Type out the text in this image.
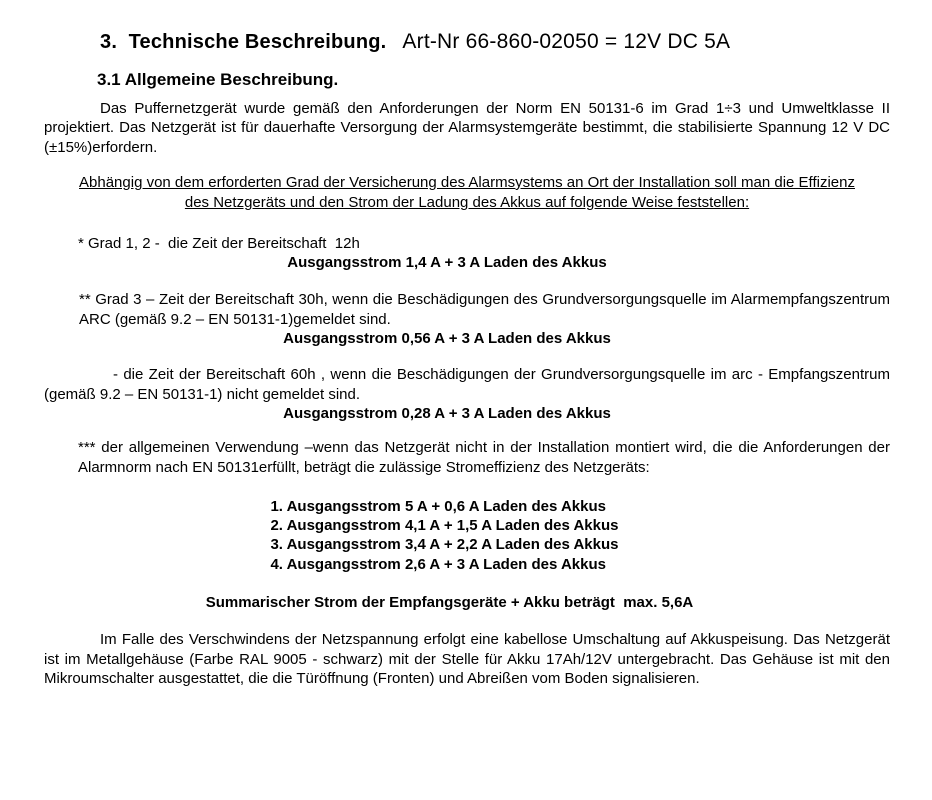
3.  Technische Beschreibung. Art-Nr 66-860-02050 = 12V DC 5A
3.1 Allgemeine Beschreibung.

Das Puffernetzgerät wurde gemäß den Anforderungen der Norm EN 50131-6 im Grad 1÷3 und Umweltklasse II projektiert. Das Netzgerät ist für dauerhafte Versorgung der Alarmsystemgeräte bestimmt, die stabilisierte Spannung 12 V DC (±15%)erfordern.

Abhängig von dem erforderten Grad der Versicherung des Alarmsystems an Ort der Installation soll man die Effizienz des Netzgeräts und den Strom der Ladung des Akkus auf folgende Weise feststellen:

* Grad 1, 2 -  die Zeit der Bereitschaft  12h
Ausgangsstrom 1,4 A + 3 A Laden des Akkus
** Grad 3 – Zeit der Bereitschaft 30h, wenn die Beschädigungen des Grundversorgungsquelle im Alarmempfangszentrum ARC (gemäß 9.2 – EN 50131-1)gemeldet sind.
Ausgangsstrom 0,56 A + 3 A Laden des Akkus
- die Zeit der Bereitschaft 60h , wenn die Beschädigungen der Grundversorgungsquelle im arc - Empfangszentrum (gemäß 9.2 – EN 50131-1) nicht gemeldet sind.
Ausgangsstrom 0,28 A + 3 A Laden des Akkus

*** der allgemeinen Verwendung –wenn das Netzgerät nicht in der Installation montiert wird, die die Anforderungen der Alarmnorm nach EN 50131erfüllt, beträgt die zulässige Stromeffizienz des Netzgeräts:

1. Ausgangsstrom 5 A + 0,6 A Laden des Akkus
2. Ausgangsstrom 4,1 A + 1,5 A Laden des Akkus
3. Ausgangsstrom 3,4 A + 2,2 A Laden des Akkus
4. Ausgangsstrom 2,6 A + 3 A Laden des Akkus
Summarischer Strom der Empfangsgeräte + Akku beträgt  max. 5,6A

Im Falle des Verschwindens der Netzspannung erfolgt eine kabellose Umschaltung auf Akkuspeisung. Das Netzgerät ist im Metallgehäuse (Farbe RAL 9005 - schwarz) mit der Stelle für Akku 17Ah/12V untergebracht. Das Gehäuse ist mit den Mikroumschalter ausgestattet, die die Türöffnung (Fronten) und Abreißen vom Boden signalisieren.
